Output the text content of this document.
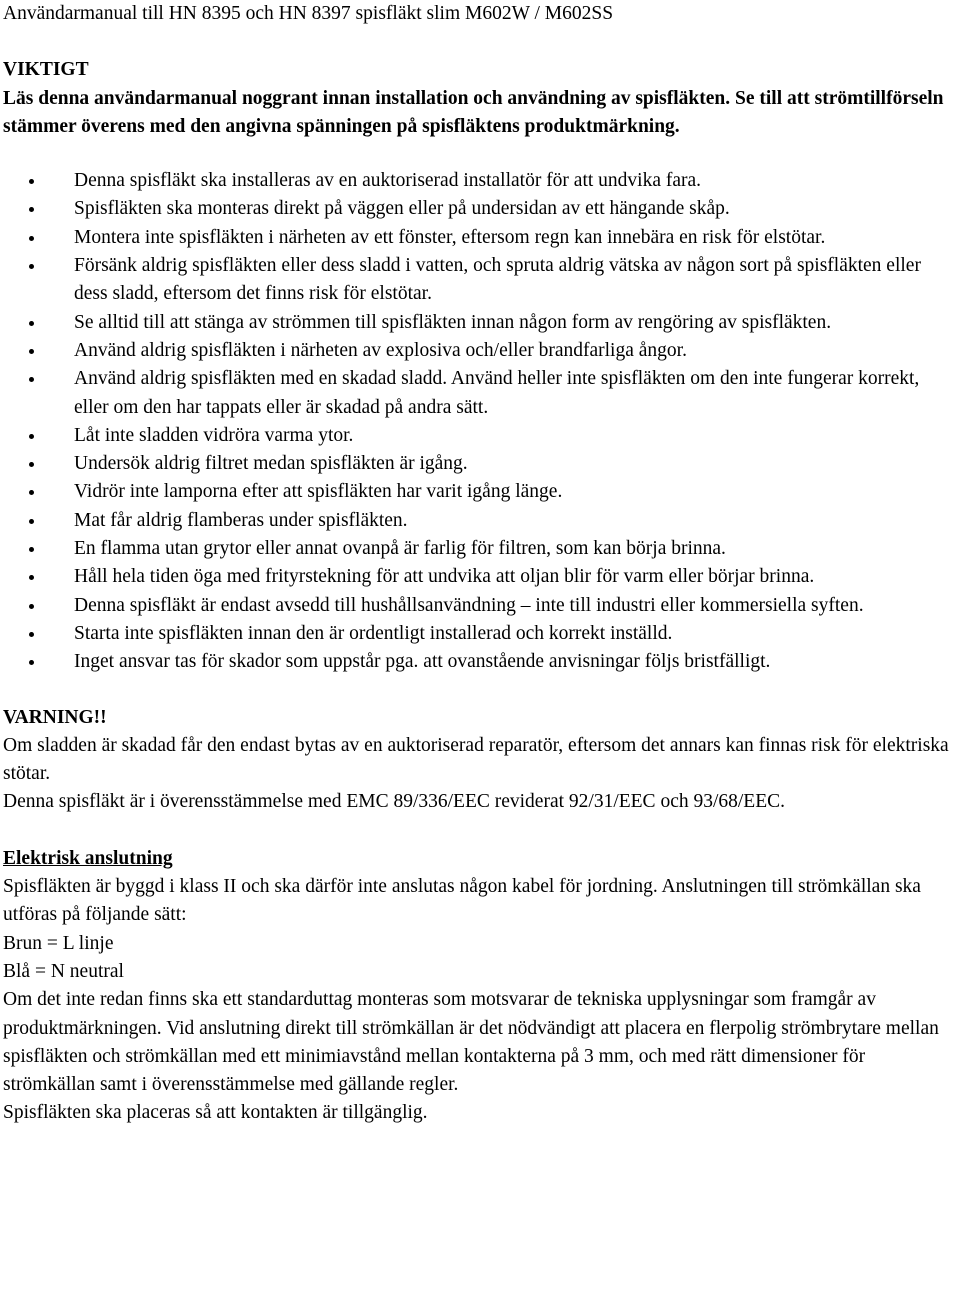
Användarmanual till HN 8395 och HN 8397 spisfläkt slim M602W / M602SS
VIKTIGT

Läs denna användarmanual noggrant innan installation och användning av spisfläkten. Se till att strömtillförseln stämmer överens med den angivna spänningen på spisfläktens produktmärkning.

Denna spisfläkt ska installeras av en auktoriserad installatör för att undvika fara.
Spisfläkten ska monteras direkt på väggen eller på undersidan av ett hängande skåp.
Montera inte spisfläkten i närheten av ett fönster, eftersom regn kan innebära en risk för elstötar.
Försänk aldrig spisfläkten eller dess sladd i vatten, och spruta aldrig vätska av någon sort på spisfläkten eller dess sladd, eftersom det finns risk för elstötar.
Se alltid till att stänga av strömmen till spisfläkten innan någon form av rengöring av spisfläkten.
Använd aldrig spisfläkten i närheten av explosiva och/eller brandfarliga ångor.
Använd aldrig spisfläkten med en skadad sladd. Använd heller inte spisfläkten om den inte fungerar korrekt, eller om den har tappats eller är skadad på andra sätt.
Låt inte sladden vidröra varma ytor.
Undersök aldrig filtret medan spisfläkten är igång.
Vidrör inte lamporna efter att spisfläkten har varit igång länge.
Mat får aldrig flamberas under spisfläkten.
En flamma utan grytor eller annat ovanpå är farlig för filtren, som kan börja brinna.
Håll hela tiden öga med frityrstekning för att undvika att oljan blir för varm eller börjar brinna.
Denna spisfläkt är endast avsedd till hushållsanvändning – inte till industri eller kommersiella syften.
Starta inte spisfläkten innan den är ordentligt installerad och korrekt inställd.
Inget ansvar tas för skador som uppstår pga. att ovanstående anvisningar följs bristfälligt.
VARNING!!

Om sladden är skadad får den endast bytas av en auktoriserad reparatör, eftersom det annars kan finnas risk för elektriska stötar.

Denna spisfläkt är i överensstämmelse med EMC 89/336/EEC reviderat 92/31/EEC och 93/68/EEC.

Elektrisk anslutning

Spisfläkten är byggd i klass II och ska därför inte anslutas någon kabel för jordning. Anslutningen till strömkällan ska utföras på följande sätt:

Brun = L linje

Blå = N neutral

Om det inte redan finns ska ett standarduttag monteras som motsvarar de tekniska upplysningar som framgår av produktmärkningen. Vid anslutning direkt till strömkällan är det nödvändigt att placera en flerpolig strömbrytare mellan spisfläkten och strömkällan med ett minimiavstånd mellan kontakterna på 3 mm, och med rätt dimensioner för strömkällan samt i överensstämmelse med gällande regler.

Spisfläkten ska placeras så att kontakten är tillgänglig.
